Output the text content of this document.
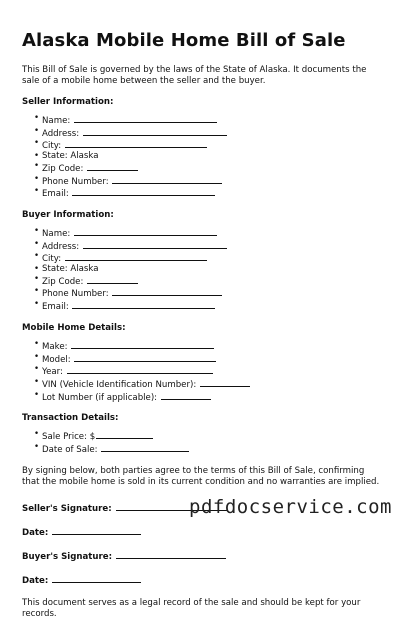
Alaska Mobile Home Bill of Sale

This Bill of Sale is governed by the laws of the State of Alaska. It documents the sale of a mobile home between the seller and the buyer.

Seller Information:
• Name:
• Address:
• City:
• State: Alaska
• Zip Code:
• Phone Number:
• Email:
Buyer Information:
• Name:
• Address:
• City:
• State: Alaska
• Zip Code:
• Phone Number:
• Email:
Mobile Home Details:
• Make:
• Model:
• Year:
• VIN (Vehicle Identification Number):
• Lot Number (if applicable):
Transaction Details:
• Sale Price: $
• Date of Sale:

By signing below, both parties agree to the terms of this Bill of Sale, confirming that the mobile home is sold in its current condition and no warranties are implied.

Seller's Signature:
Date:
Buyer's Signature:
Date:

This document serves as a legal record of the sale and should be kept for your records.

pdfdocservice.com
